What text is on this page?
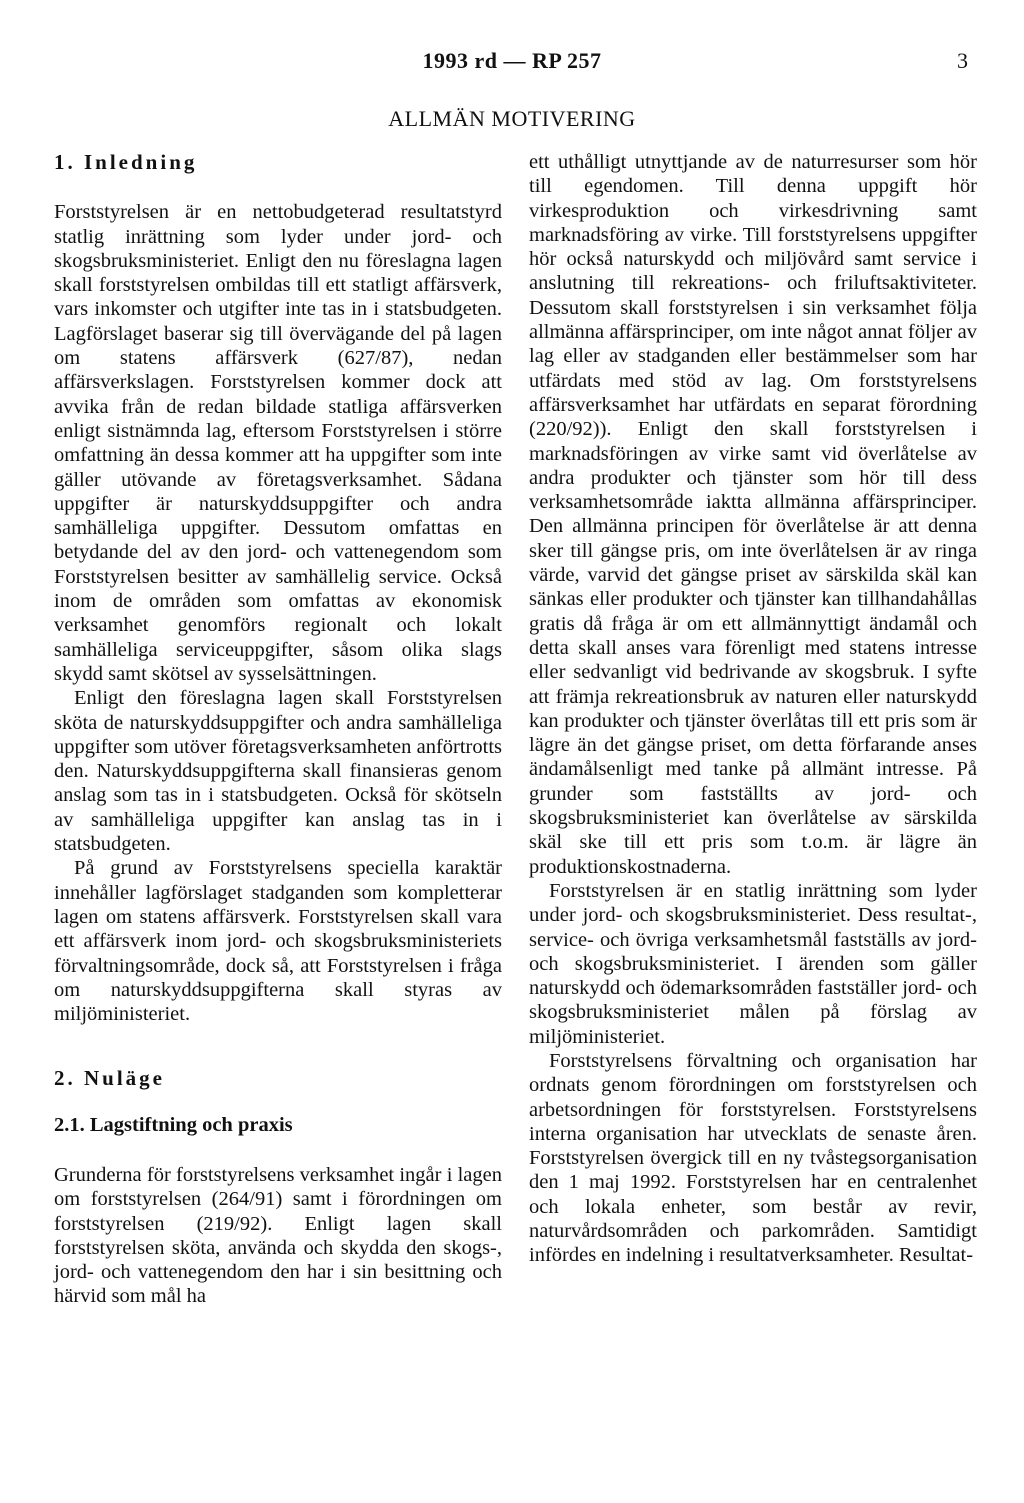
1993 rd — RP 257	3
ALLMÄN MOTIVERING
1. Inledning

Forststyrelsen är en nettobudgeterad resultatstyrd statlig inrättning som lyder under jord- och skogsbruksministeriet. Enligt den nu föreslagna lagen skall forststyrelsen ombildas till ett statligt affärsverk, vars inkomster och utgifter inte tas in i statsbudgeten. Lagförslaget baserar sig till övervägande del på lagen om statens affärsverk (627/87), nedan affärsverkslagen. Forststyrelsen kommer dock att avvika från de redan bildade statliga affärsverken enligt sistnämnda lag, eftersom Forststyrelsen i större omfattning än dessa kommer att ha uppgifter som inte gäller utövande av företagsverksamhet. Sådana uppgifter är naturskyddsuppgifter och andra samhälleliga uppgifter. Dessutom omfattas en betydande del av den jord- och vattenegendom som Forststyrelsen besitter av samhällelig service. Också inom de områden som omfattas av ekonomisk verksamhet genomförs regionalt och lokalt samhälleliga serviceuppgifter, såsom olika slags skydd samt skötsel av sysselsättningen.

Enligt den föreslagna lagen skall Forststyrelsen sköta de naturskyddsuppgifter och andra samhälleliga uppgifter som utöver företagsverksamheten anförtrotts den. Naturskyddsuppgifterna skall finansieras genom anslag som tas in i statsbudgeten. Också för skötseln av samhälleliga uppgifter kan anslag tas in i statsbudgeten.

På grund av Forststyrelsens speciella karaktär innehåller lagförslaget stadganden som kompletterar lagen om statens affärsverk. Forststyrelsen skall vara ett affärsverk inom jord- och skogsbruksministeriets förvaltningsområde, dock så, att Forststyrelsen i fråga om naturskyddsuppgifterna skall styras av miljöministeriet.

2. Nuläge
2.1. Lagstiftning och praxis

Grunderna för forststyrelsens verksamhet ingår i lagen om forststyrelsen (264/91) samt i förordningen om forststyrelsen (219/92). Enligt lagen skall forststyrelsen sköta, använda och skydda den skogs-, jord- och vattenegendom den har i sin besittning och härvid som mål ha

ett uthålligt utnyttjande av de naturresurser som hör till egendomen. Till denna uppgift hör virkesproduktion och virkesdrivning samt marknadsföring av virke. Till forststyrelsens uppgifter hör också naturskydd och miljövård samt service i anslutning till rekreations- och friluftsaktiviteter. Dessutom skall forststyrelsen i sin verksamhet följa allmänna affärsprinciper, om inte något annat följer av lag eller av stadganden eller bestämmelser som har utfärdats med stöd av lag. Om forststyrelsens affärsverksamhet har utfärdats en separat förordning (220/92)). Enligt den skall forststyrelsen i marknadsföringen av virke samt vid överlåtelse av andra produkter och tjänster som hör till dess verksamhetsområde iaktta allmänna affärsprinciper. Den allmänna principen för överlåtelse är att denna sker till gängse pris, om inte överlåtelsen är av ringa värde, varvid det gängse priset av särskilda skäl kan sänkas eller produkter och tjänster kan tillhandahållas gratis då fråga är om ett allmännyttigt ändamål och detta skall anses vara förenligt med statens intresse eller sedvanligt vid bedrivande av skogsbruk. I syfte att främja rekreationsbruk av naturen eller naturskydd kan produkter och tjänster överlåtas till ett pris som är lägre än det gängse priset, om detta förfarande anses ändamålsenligt med tanke på allmänt intresse. På grunder som fastställts av jord- och skogsbruksministeriet kan överlåtelse av särskilda skäl ske till ett pris som t.o.m. är lägre än produktionskostnaderna.

Forststyrelsen är en statlig inrättning som lyder under jord- och skogsbruksministeriet. Dess resultat-, service- och övriga verksamhetsmål fastställs av jord- och skogsbruksministeriet. I ärenden som gäller naturskydd och ödemarksområden fastställer jord- och skogsbruksministeriet målen på förslag av miljöministeriet.

Forststyrelsens förvaltning och organisation har ordnats genom förordningen om forststyrelsen och arbetsordningen för forststyrelsen. Forststyrelsens interna organisation har utvecklats de senaste åren. Forststyrelsen övergick till en ny tvåstegsorganisation den 1 maj 1992. Forststyrelsen har en centralenhet och lokala enheter, som består av revir, naturvårdsområden och parkområden. Samtidigt infördes en indelning i resultatverksamheter. Resultat-
